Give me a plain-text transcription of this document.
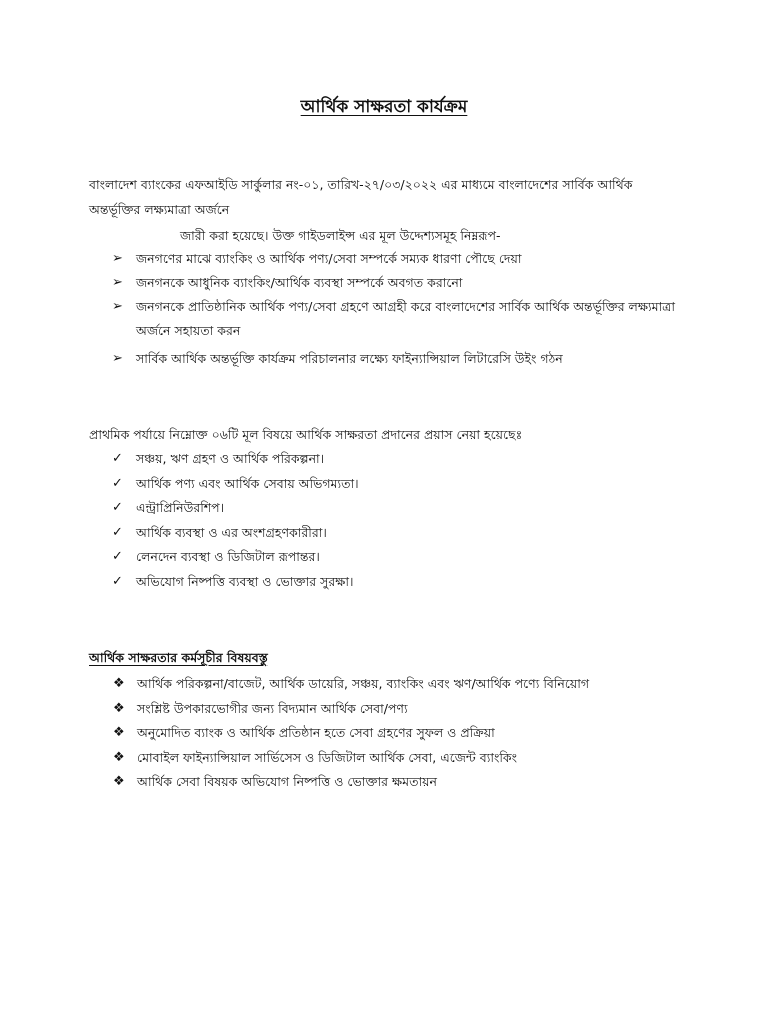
আর্থিক সাক্ষরতা কার্যক্রম
বাংলাদেশ ব্যাংকের এফআইডি সার্কুলার নং-০১, তারিখ-২৭/০৩/২০২২ এর মাধ্যমে বাংলাদেশের সার্বিক আর্থিক
অন্তর্ভূক্তির লক্ষ্যমাত্রা অর্জনে
জারী করা হয়েছে। উক্ত গাইডলাইন্স এর মূল উদ্দেশ্যসমূহ নিম্নরূপ-
➢ জনগণের মাঝে ব্যাংকিং ও আর্থিক পণ্য/সেবা সম্পর্কে সম্যক ধারণা পৌছে দেয়া
➢ জনগনকে আধুনিক ব্যাংকিং/আর্থিক ব্যবস্থা সম্পর্কে অবগত করানো
➢ জনগনকে প্রাতিষ্ঠানিক আর্থিক পণ্য/সেবা গ্রহণে আগ্রহী করে বাংলাদেশের সার্বিক আর্থিক অন্তর্ভূক্তির লক্ষ্যমাত্রা অর্জনে সহায়তা করন
➢ সার্বিক আর্থিক অন্তর্ভূক্তি কার্যক্রম পরিচালনার লক্ষ্যে ফাইন্যান্সিয়াল লিটারেসি উইং গঠন
প্রাথমিক পর্যায়ে নিম্নোক্ত ০৬টি মূল বিষয়ে আর্থিক সাক্ষরতা প্রদানের প্রয়াস নেয়া হয়েছেঃ
✓ সঞ্চয়, ঋণ গ্রহণ ও আর্থিক পরিকল্পনা।
✓ আর্থিক পণ্য এবং আর্থিক সেবায় অভিগম্যতা।
✓ এন্ট্রাপ্রিনিউরশিপ।
✓ আর্থিক ব্যবস্থা ও এর অংশগ্রহণকারীরা।
✓ লেনদেন ব্যবস্থা ও ডিজিটাল রূপান্তর।
✓ অভিযোগ নিষ্পত্তি ব্যবস্থা ও ভোক্তার সুরক্ষা।
আর্থিক সাক্ষরতার কর্মসূচীর বিষয়বস্তু
❖ আর্থিক পরিকল্পনা/বাজেট, আর্থিক ডায়েরি, সঞ্চয়, ব্যাংকিং এবং ঋণ/আর্থিক পণ্যে বিনিয়োগ
❖ সংশ্লিষ্ট উপকারভোগীর জন্য বিদ্যমান আর্থিক সেবা/পণ্য
❖ অনুমোদিত ব্যাংক ও আর্থিক প্রতিষ্ঠান হতে সেবা গ্রহণের সুফল ও প্রক্রিয়া
❖ মোবাইল ফাইন্যান্সিয়াল সার্ভিসেস ও ডিজিটাল আর্থিক সেবা, এজেন্ট ব্যাংকিং
❖ আর্থিক সেবা বিষয়ক অভিযোগ নিষ্পত্তি ও ভোক্তার ক্ষমতায়ন
